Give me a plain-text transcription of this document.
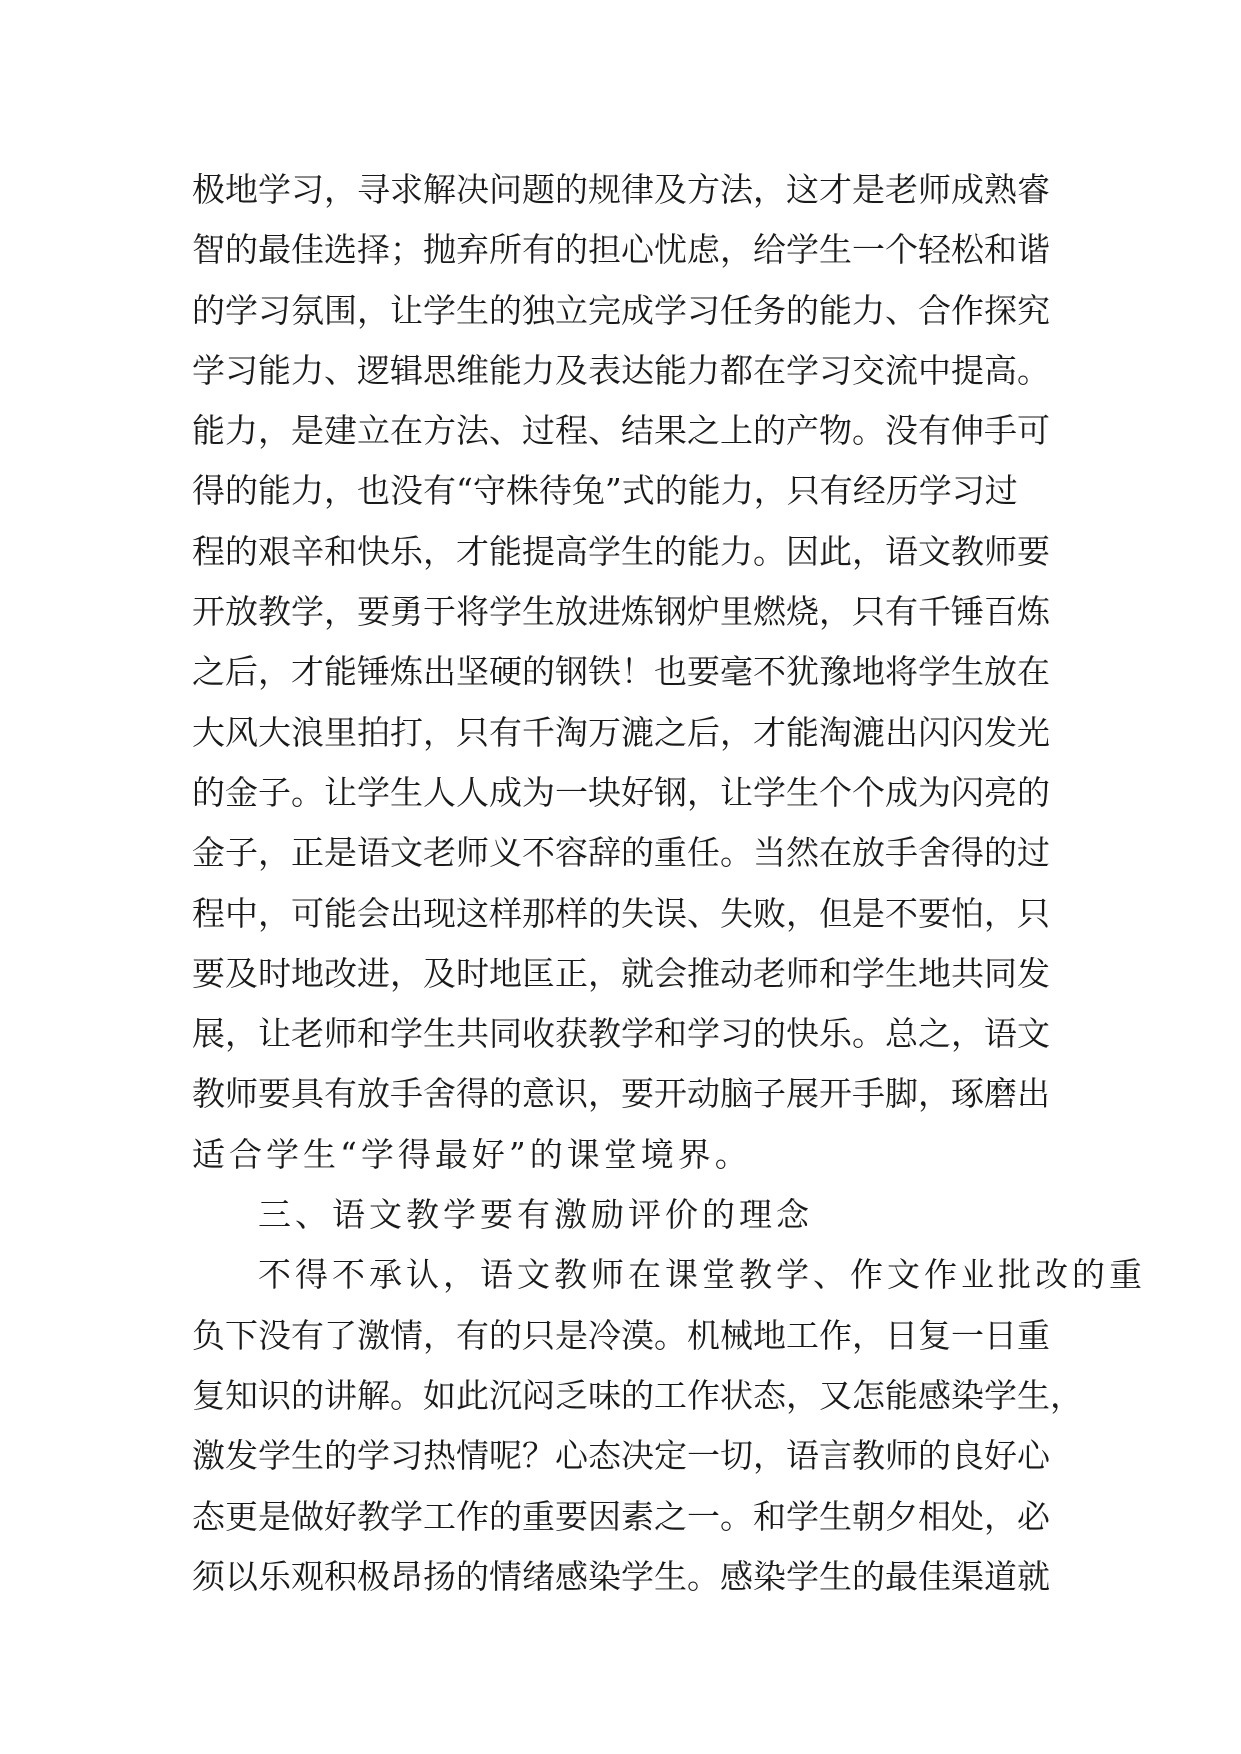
极地学习，寻求解决问题的规律及方法，这才是老师成熟睿
智的最佳选择；抛弃所有的担心忧虑，给学生一个轻松和谐
的学习氛围，让学生的独立完成学习任务的能力、合作探究
学习能力、逻辑思维能力及表达能力都在学习交流中提高。
能力，是建立在方法、过程、结果之上的产物。没有伸手可
得的能力，也没有“守株待兔”式的能力，只有经历学习过
程的艰辛和快乐，才能提高学生的能力。因此，语文教师要
开放教学，要勇于将学生放进炼钢炉里燃烧，只有千锤百炼
之后，才能锤炼出坚硬的钢铁！也要毫不犹豫地将学生放在
大风大浪里拍打，只有千淘万漉之后，才能淘漉出闪闪发光
的金子。让学生人人成为一块好钢，让学生个个成为闪亮的
金子，正是语文老师义不容辞的重任。当然在放手舍得的过
程中，可能会出现这样那样的失误、失败，但是不要怕，只
要及时地改进，及时地匡正，就会推动老师和学生地共同发
展，让老师和学生共同收获教学和学习的快乐。总之，语文
教师要具有放手舍得的意识，要开动脑子展开手脚，琢磨出
适合学生“学得最好”的课堂境界。
三、语文教学要有激励评价的理念
不得不承认，语文教师在课堂教学、作文作业批改的重
负下没有了激情，有的只是冷漠。机械地工作，日复一日重
复知识的讲解。如此沉闷乏味的工作状态，又怎能感染学生，
激发学生的学习热情呢？心态决定一切，语言教师的良好心
态更是做好教学工作的重要因素之一。和学生朝夕相处，必
须以乐观积极昂扬的情绪感染学生。感染学生的最佳渠道就
